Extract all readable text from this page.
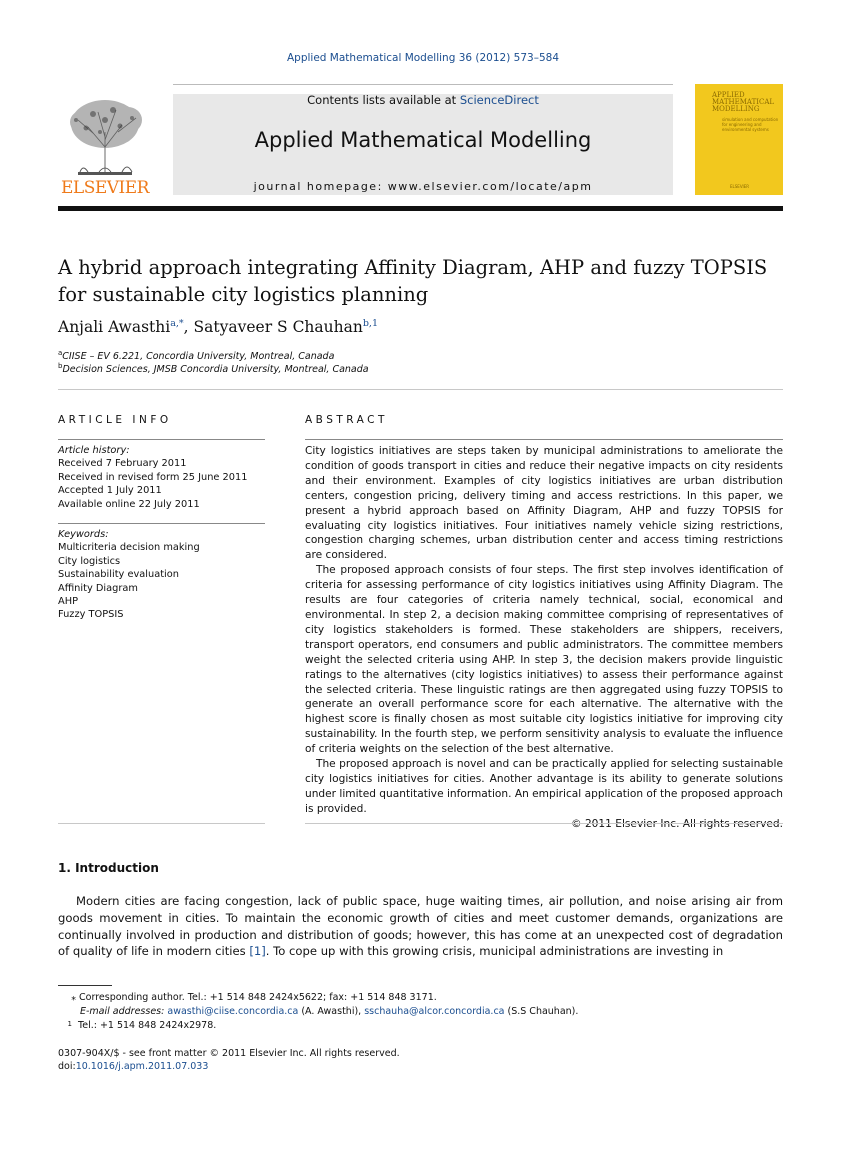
Applied Mathematical Modelling 36 (2012) 573–584
ELSEVIER
Contents lists available at ScienceDirect
Applied Mathematical Modelling
journal homepage: www.elsevier.com/locate/apm
APPLIED MATHEMATICAL MODELLING
simulation and computation for engineering and environmental systems
ELSEVIER
A hybrid approach integrating Affinity Diagram, AHP and fuzzy TOPSIS for sustainable city logistics planning
Anjali Awasthi$^{a,*}$, Satyaveer S Chauhan$^{b,1}$
$^a$CIISE – EV 6.221, Concordia University, Montreal, Canada
$^b$Decision Sciences, JMSB Concordia University, Montreal, Canada
ARTICLE INFO
Article history:
Received 7 February 2011
Received in revised form 25 June 2011
Accepted 1 July 2011
Available online 22 July 2011
Keywords:
Multicriteria decision making
City logistics
Sustainability evaluation
Affinity Diagram
AHP
Fuzzy TOPSIS
ABSTRACT

City logistics initiatives are steps taken by municipal administrations to ameliorate the condition of goods transport in cities and reduce their negative impacts on city residents and their environment. Examples of city logistics initiatives are urban distribution centers, congestion pricing, delivery timing and access restrictions. In this paper, we present a hybrid approach based on Affinity Diagram, AHP and fuzzy TOPSIS for evaluating city logistics initiatives. Four initiatives namely vehicle sizing restrictions, congestion charging schemes, urban distribution center and access timing restrictions are considered.

The proposed approach consists of four steps. The first step involves identification of criteria for assessing performance of city logistics initiatives using Affinity Diagram. The results are four categories of criteria namely technical, social, economical and environmental. In step 2, a decision making committee comprising of representatives of city logistics stakeholders is formed. These stakeholders are shippers, receivers, transport operators, end consumers and public administrators. The committee members weight the selected criteria using AHP. In step 3, the decision makers provide linguistic ratings to the alternatives (city logistics initiatives) to assess their performance against the selected criteria. These linguistic ratings are then aggregated using fuzzy TOPSIS to generate an overall performance score for each alternative. The alternative with the highest score is finally chosen as most suitable city logistics initiative for improving city sustainability. In the fourth step, we perform sensitivity analysis to evaluate the influence of criteria weights on the selection of the best alternative.

The proposed approach is novel and can be practically applied for selecting sustainable city logistics initiatives for cities. Another advantage is its ability to generate solutions under limited quantitative information. An empirical application of the proposed approach is provided.

1. Introduction

Modern cities are facing congestion, lack of public space, huge waiting times, air pollution, and noise arising air from goods movement in cities. To maintain the economic growth of cities and meet customer demands, organizations are continually involved in production and distribution of goods; however, this has come at an unexpected cost of degradation of quality of life in modern cities [1]. To cope up with this growing crisis, municipal administrations are investing in

⁎ Corresponding author. Tel.: +1 514 848 2424x5622; fax: +1 514 848 3171.
E-mail addresses: awasthi@ciise.concordia.ca (A. Awasthi), sschauha@alcor.concordia.ca (S.S Chauhan).
1 Tel.: +1 514 848 2424x2978.
0307-904X/$ - see front matter © 2011 Elsevier Inc. All rights reserved.
doi:10.1016/j.apm.2011.07.033
